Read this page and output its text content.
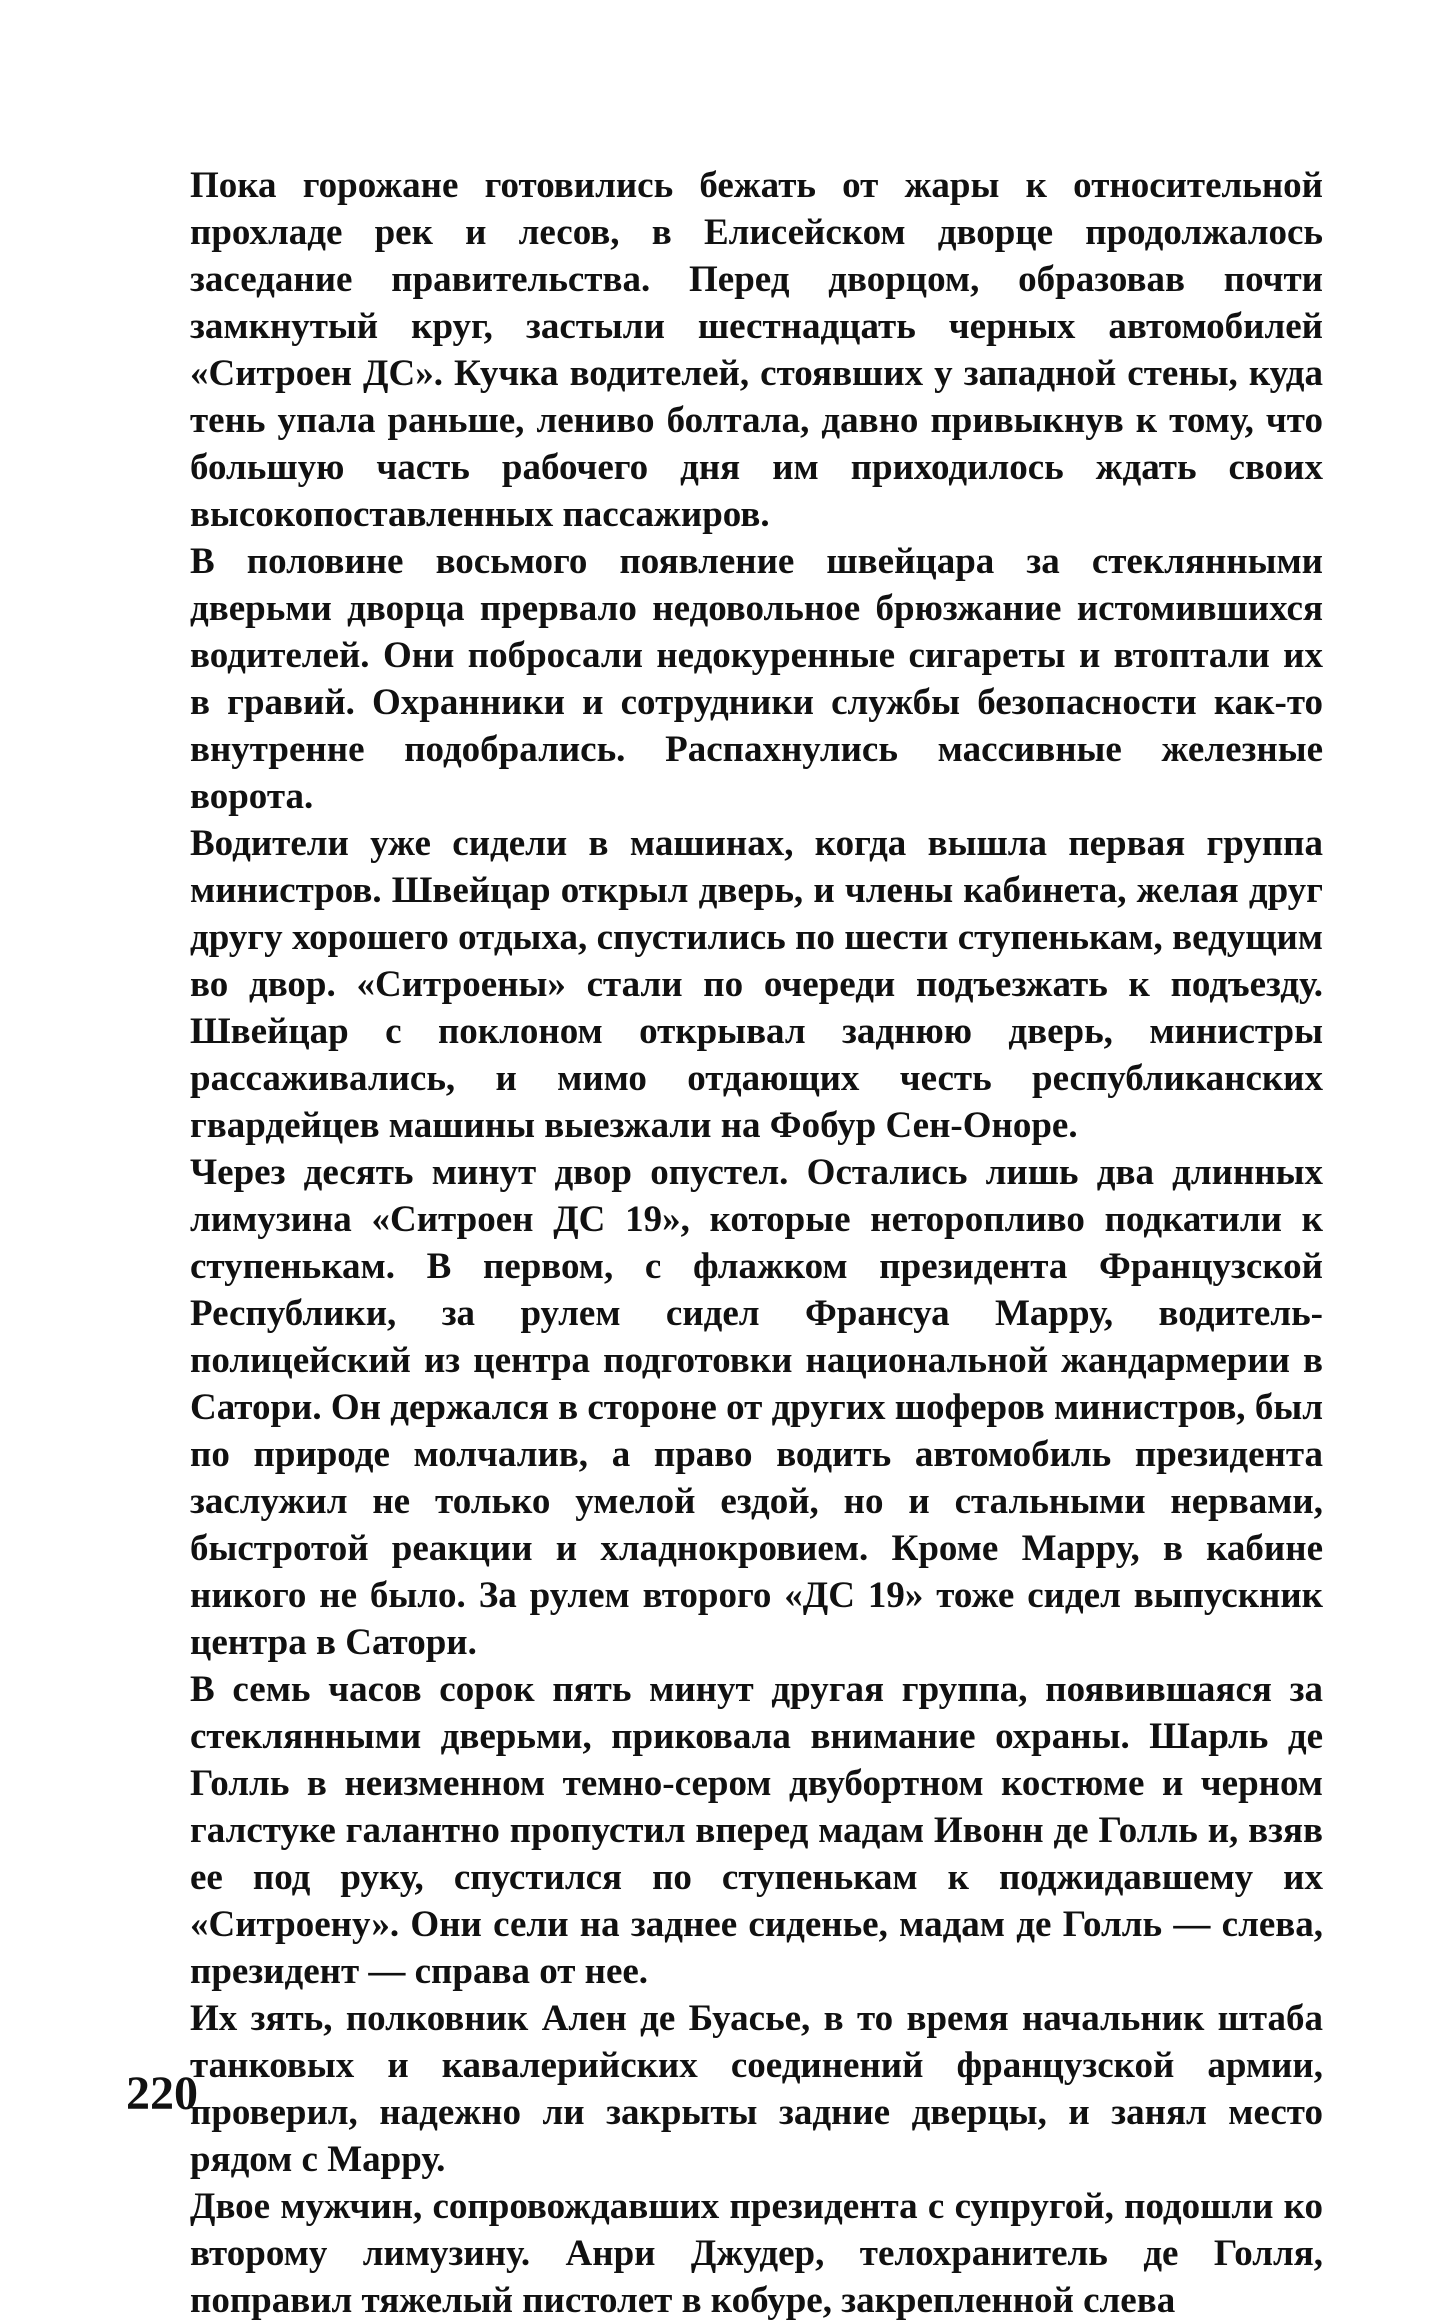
Пока горожане готовились бежать от жары к относительной прохладе рек и лесов, в Елисейском дворце продолжалось заседание правительства. Перед дворцом, образовав почти замкнутый круг, застыли шестнадцать черных автомобилей «Ситроен ДС». Кучка водителей, стоявших у западной стены, куда тень упала раньше, лениво болтала, давно привыкнув к тому, что большую часть рабочего дня им приходилось ждать своих высокопоставленных пассажиров.

В половине восьмого появление швейцара за стеклянными дверьми дворца прервало недовольное брюзжание истомившихся водителей. Они побросали недокуренные сигареты и втоптали их в гравий. Охранники и сотрудники службы безопасности как-то внутренне подобрались. Распахнулись массивные железные ворота.

Водители уже сидели в машинах, когда вышла первая группа министров. Швейцар открыл дверь, и члены кабинета, желая друг другу хорошего отдыха, спустились по шести ступенькам, ведущим во двор. «Ситроены» стали по очереди подъезжать к подъезду. Швейцар с поклоном открывал заднюю дверь, министры рассаживались, и мимо отдающих честь республиканских гвардейцев машины выезжали на Фобур Сен-Оноре.

Через десять минут двор опустел. Остались лишь два длинных лимузина «Ситроен ДС 19», которые неторопливо подкатили к ступенькам. В первом, с флажком президента Французской Республики, за рулем сидел Франсуа Марру, водитель-полицейский из центра подготовки национальной жандармерии в Сатори. Он держался в стороне от других шоферов министров, был по природе молчалив, а право водить автомобиль президента заслужил не только умелой ездой, но и стальными нервами, быстротой реакции и хладнокровием. Кроме Марру, в кабине никого не было. За рулем второго «ДС 19» тоже сидел выпускник центра в Сатори.

В семь часов сорок пять минут другая группа, появившаяся за стеклянными дверьми, приковала внимание охраны. Шарль де Голль в неизменном темно-сером двубортном костюме и черном галстуке галантно пропустил вперед мадам Ивонн де Голль и, взяв ее под руку, спустился по ступенькам к поджидавшему их «Ситроену». Они сели на заднее сиденье, мадам де Голль — слева, президент — справа от нее.

Их зять, полковник Ален де Буасье, в то время начальник штаба танковых и кавалерийских соединений французской армии, проверил, надежно ли закрыты задние дверцы, и занял место рядом с Марру.

Двое мужчин, сопровождавших президента с супругой, подошли ко второму лимузину. Анри Джудер, телохранитель де Голля, поправил тяжелый пистолет в кобуре, закрепленной слева

220
